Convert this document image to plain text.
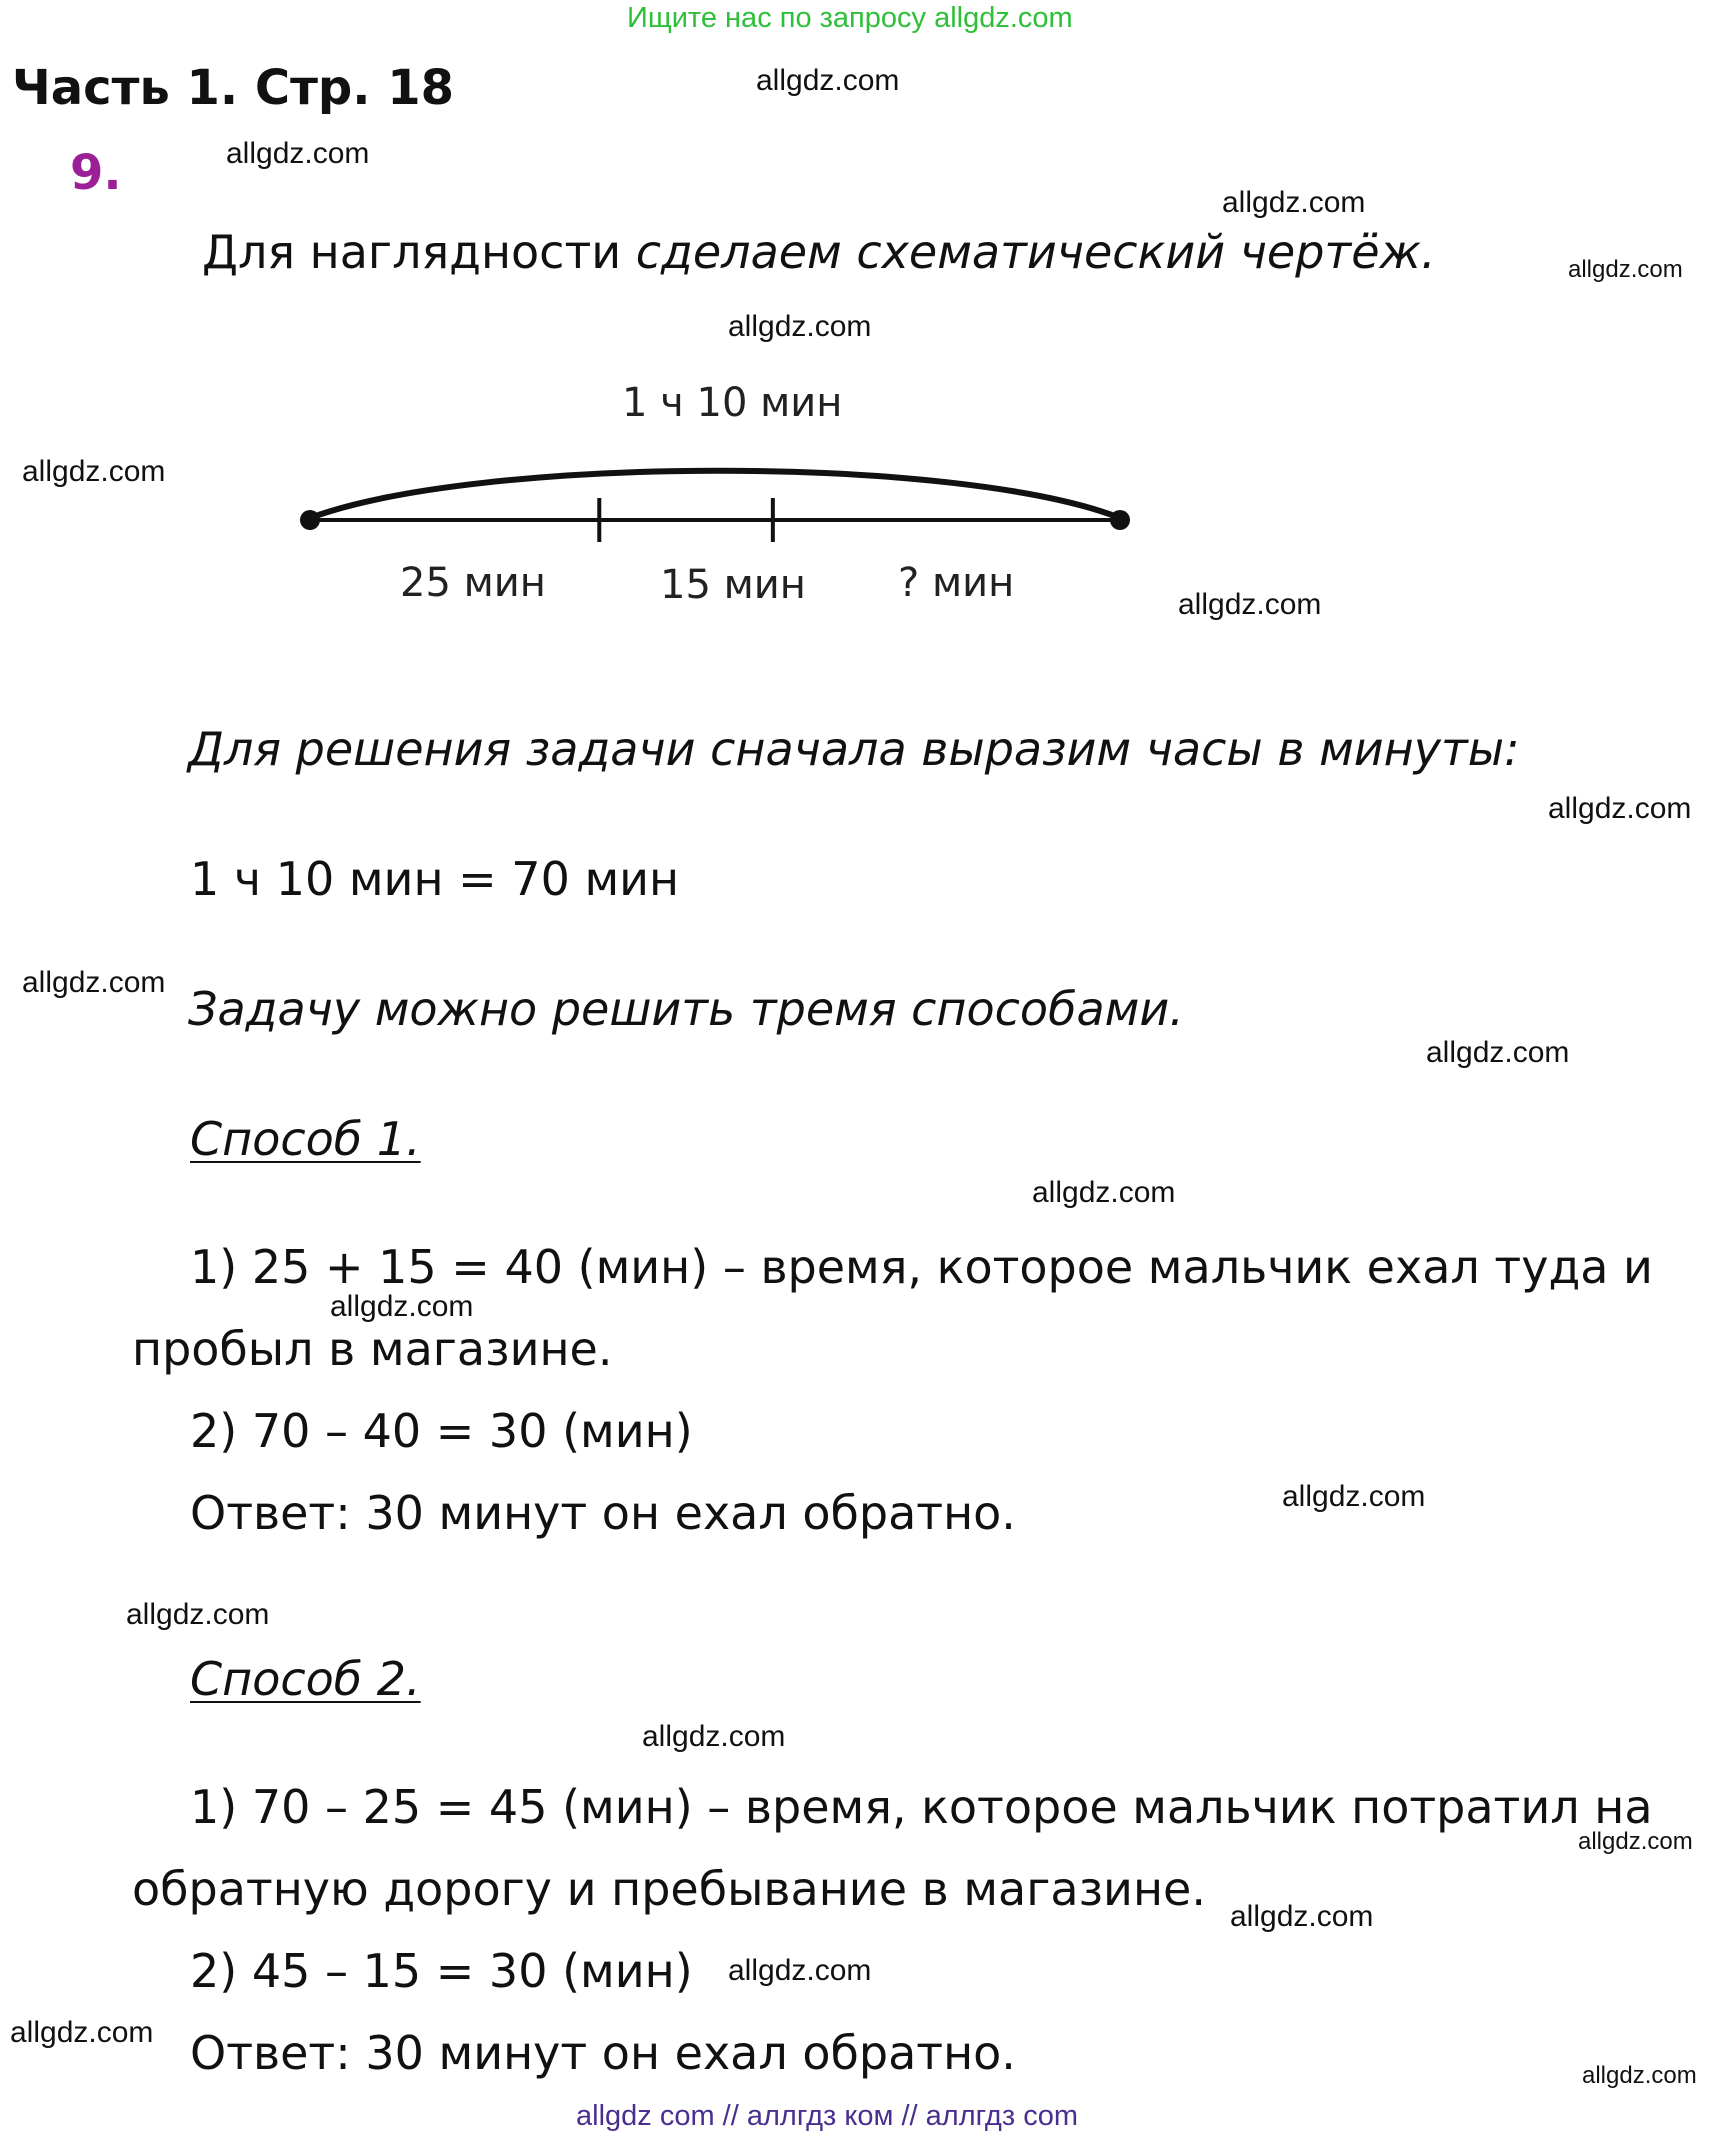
Ищите нас по запросу allgdz.com
Часть 1. Стр. 18
9.
Для наглядности сделаем схематический чертёж.
1 ч 10 мин
25 мин	15 мин ? мин
Для решения задачи сначала выразим часы в минуты:
1 ч 10 мин = 70 мин
Задачу можно решить тремя способами.
Способ 1.
1) 25 + 15 = 40 (мин) – время, которое мальчик ехал туда и
пробыл в магазине.
2) 70 – 40 = 30 (мин)
Ответ: 30 минут он ехал обратно.
Способ 2.
1) 70 – 25 = 45 (мин) – время, которое мальчик потратил на
обратную дорогу и пребывание в магазине.
2) 45 – 15 = 30 (мин)
Ответ: 30 минут он ехал обратно.
allgdz.com
allgdz.com
allgdz.com
allgdz.com
allgdz.com
allgdz.com
allgdz.com
allgdz.com
allgdz.com
allgdz.com
allgdz.com
allgdz.com
allgdz.com
allgdz.com
allgdz.com
allgdz.com
allgdz.com
allgdz.com
allgdz.com
allgdz.com
allgdz com // аллгдз ком // аллгдз com
